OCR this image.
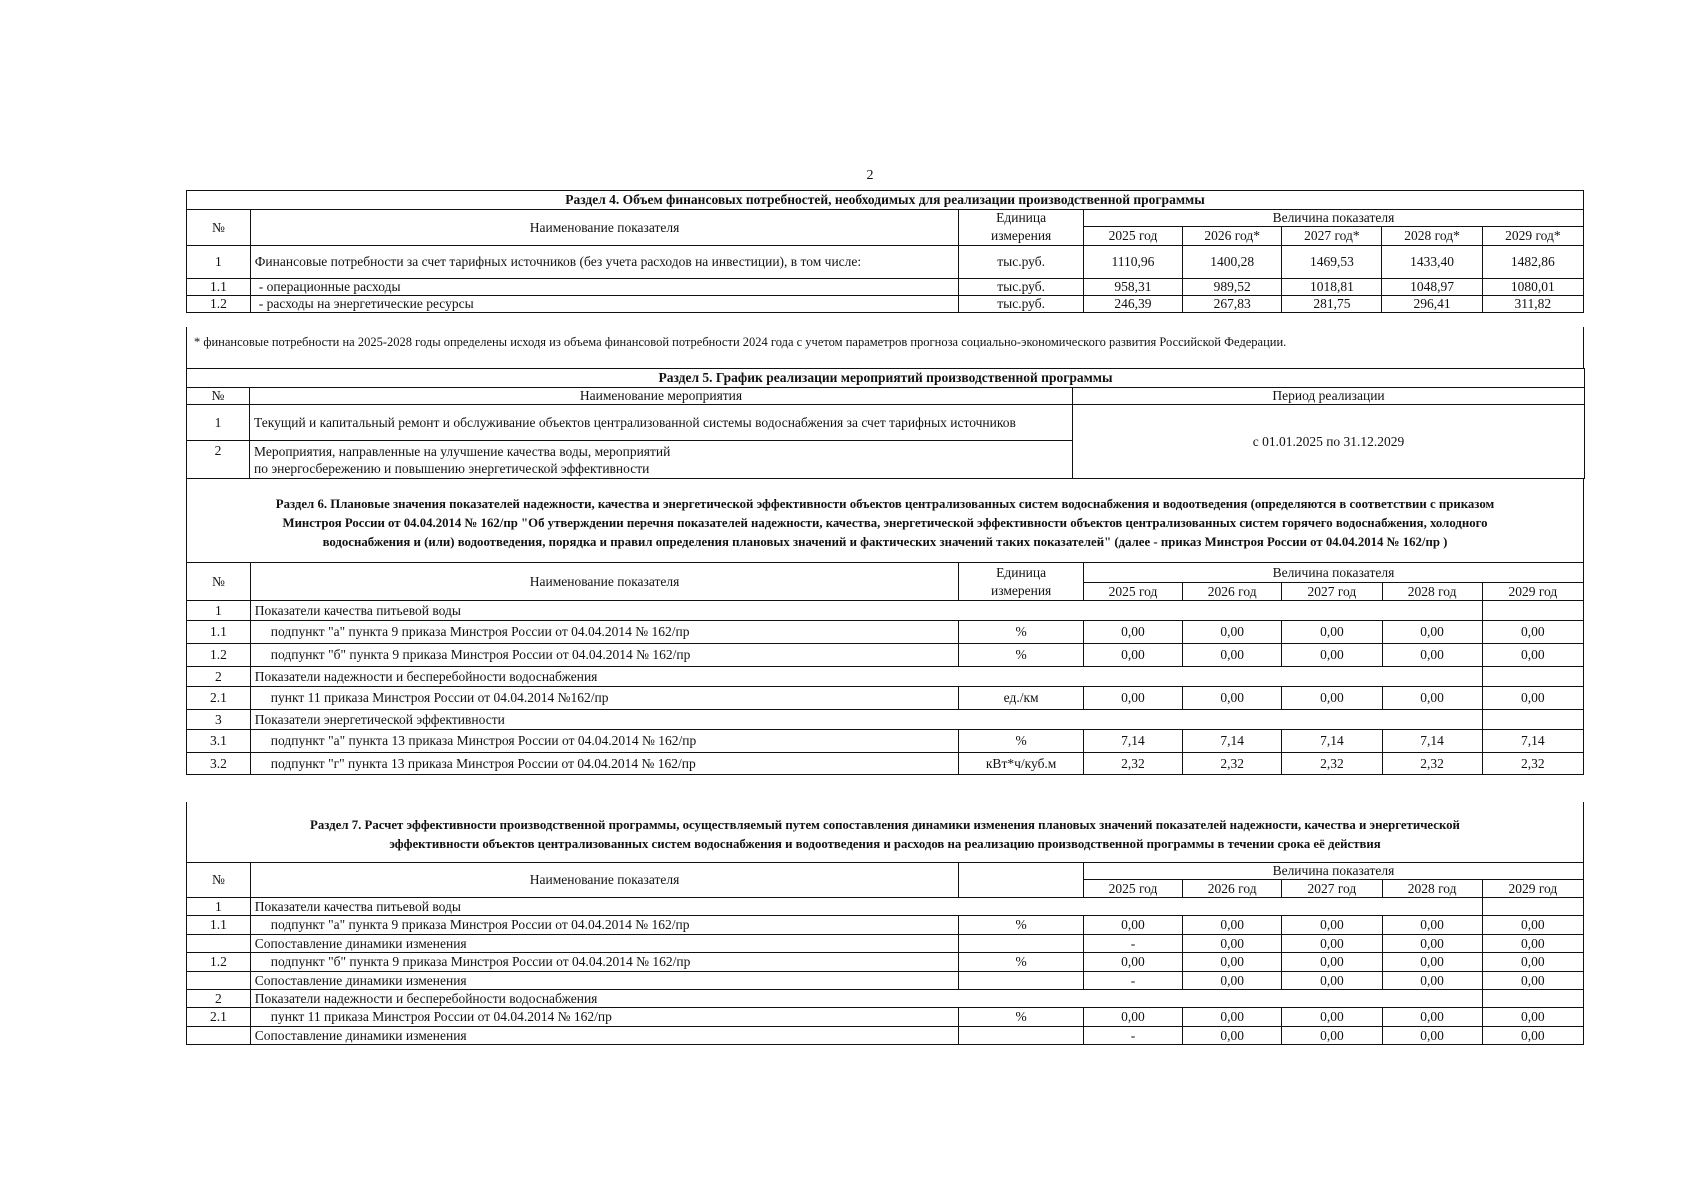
2
Раздел 4. Объем финансовых потребностей, необходимых для реализации производственной программы							
№	Наименование показателя	Единица	Величина показателя				
		измерения	2025 год	2026 год*	2027 год*	2028 год*	2029 год*
1	Финансовые потребности за счет тарифных источников (без учета расходов на инвестиции), в том числе:	тыс.руб.	1110,96	1400,28	1469,53	1433,40	1482,86
1.1	- операционные расходы	тыс.руб.	958,31	989,52	1018,81	1048,97	1080,01
1.2	- расходы на энергетические ресурсы	тыс.руб.	246,39	267,83	281,75	296,41	311,82
* финансовые потребности на 2025-2028 годы определены исходя из объема финансовой потребности 2024 года с учетом параметров прогноза социально-экономического развития Российской Федерации.
Раздел 5. График реализации мероприятий производственной программы		
№	Наименование мероприятия	Период реализации
1	Текущий и капитальный ремонт и обслуживание объектов централизованной системы водоснабжения за счет тарифных источников	с 01.01.2025 по 31.12.2029
2	Мероприятия, направленные на улучшение качества воды, мероприятий
по энергосбережению и повышению энергетической эффективности	
Раздел 6. Плановые значения показателей надежности, качества и энергетической эффективности объектов централизованных систем водоснабжения и водоотведения (определяются в соответствии с приказом
Минстроя России от 04.04.2014 № 162/пр "Об утверждении перечня показателей надежности, качества, энергетической эффективности объектов централизованных систем горячего водоснабжения, холодного
водоснабжения и (или) водоотведения, порядка и правил определения плановых значений и фактических значений таких показателей" (далее - приказ Минстроя России от 04.04.2014 № 162/пр )
№	Наименование показателя	Единица	Величина показателя				
		измерения	2025 год	2026 год	2027 год	2028 год	2029 год
1	Показатели качества питьевой воды						
1.1	подпункт "а" пункта 9 приказа Минстроя России от 04.04.2014 № 162/пр	%	0,00	0,00	0,00	0,00	0,00
1.2	подпункт "б" пункта 9 приказа Минстроя России от 04.04.2014 № 162/пр	%	0,00	0,00	0,00	0,00	0,00
2	Показатели надежности и бесперебойности водоснабжения						
2.1	пункт 11 приказа Минстроя России от 04.04.2014 №162/пр	ед./км	0,00	0,00	0,00	0,00	0,00
3	Показатели энергетической эффективности						
3.1	подпункт "а" пункта 13 приказа Минстроя России от 04.04.2014 № 162/пр	%	7,14	7,14	7,14	7,14	7,14
3.2	подпункт "г" пункта 13 приказа Минстроя России от 04.04.2014 № 162/пр	кВт*ч/куб.м	2,32	2,32	2,32	2,32	2,32
Раздел 7. Расчет эффективности производственной программы, осуществляемый путем сопоставления динамики изменения плановых значений показателей надежности, качества и энергетической
эффективности объектов централизованных систем водоснабжения и водоотведения и расходов на реализацию производственной программы в течении срока её действия
№	Наименование показателя		Величина показателя				
			2025 год	2026 год	2027 год	2028 год	2029 год
1	Показатели качества питьевой воды						
1.1	подпункт "а" пункта 9 приказа Минстроя России от 04.04.2014 № 162/пр	%	0,00	0,00	0,00	0,00	0,00
	Сопоставление динамики изменения		-	0,00	0,00	0,00	0,00
1.2	подпункт "б" пункта 9 приказа Минстроя России от 04.04.2014 № 162/пр	%	0,00	0,00	0,00	0,00	0,00
	Сопоставление динамики изменения		-	0,00	0,00	0,00	0,00
2	Показатели надежности и бесперебойности водоснабжения						
2.1	пункт 11 приказа Минстроя России от 04.04.2014 № 162/пр	%	0,00	0,00	0,00	0,00	0,00
	Сопоставление динамики изменения		-	0,00	0,00	0,00	0,00
